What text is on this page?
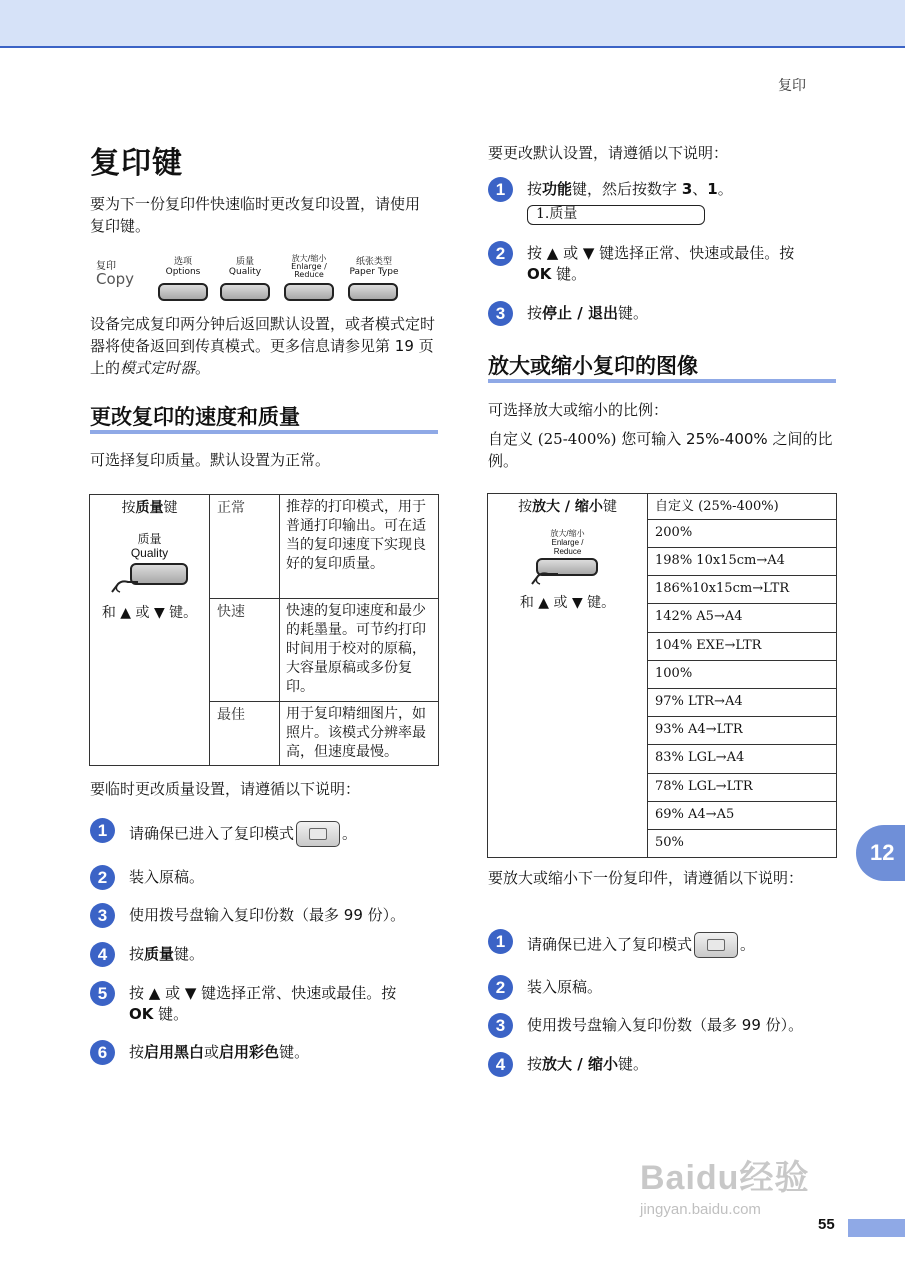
复印
复印键
要为下一份复印件快速临时更改复印设置，请使用复印键。
复印
Copy
选项
Options
质量
Quality
放大/缩小
Enlarge /
Reduce
纸张类型
Paper Type
设备完成复印两分钟后返回默认设置，或者模式定时器将使备返回到传真模式。更多信息请参见第 19 页上的模式定时器。
更改复印的速度和质量
可选择复印质量。默认设置为正常。
按质量键
质量
Quality
和 ▲ 或 ▼ 键。	正常	推荐的打印模式，用于普通打印输出。可在适当的复印速度下实现良好的复印质量。
	快速	快速的复印速度和最少的耗墨量。可节约打印时间用于校对的原稿，大容量原稿或多份复印。
	最佳	用于复印精细图片，如照片。该模式分辨率最高，但速度最慢。
要临时更改质量设置，请遵循以下说明：
1	请确保已进入了复印模式	。
2	装入原稿。
3	使用拨号盘输入复印份数（最多 99 份）。
4	按质量键。
5	按 ▲ 或 ▼ 键选择正常、快速或最佳。按
OK 键。
6	按启用黑白或启用彩色键。
要更改默认设置，请遵循以下说明：
1	按功能键，然后按数字 3、1。
1.质量
2	按 ▲ 或 ▼ 键选择正常、快速或最佳。按
OK 键。
3	按停止 / 退出键。
放大或缩小复印的图像
可选择放大或缩小的比例：
自定义 (25-400%) 您可输入 25%-400% 之间的比例。
按放大 / 缩小键
放大/缩小
Enlarge /
Reduce
和 ▲ 或 ▼ 键。
	自定义 (25%-400%)
200%
198% 10x15cm→A4
186%10x15cm→LTR
142% A5→A4
104% EXE→LTR
100%
97% LTR→A4
93% A4→LTR
83% LGL→A4
78% LGL→LTR
69% A4→A5
50%
要放大或缩小下一份复印件，请遵循以下说明：
1	请确保已进入了复印模式	。
2	装入原稿。
3	使用拨号盘输入复印份数（最多 99 份）。
4	按放大 / 缩小键。
12
Baidu经验
jingyan.baidu.com
55
